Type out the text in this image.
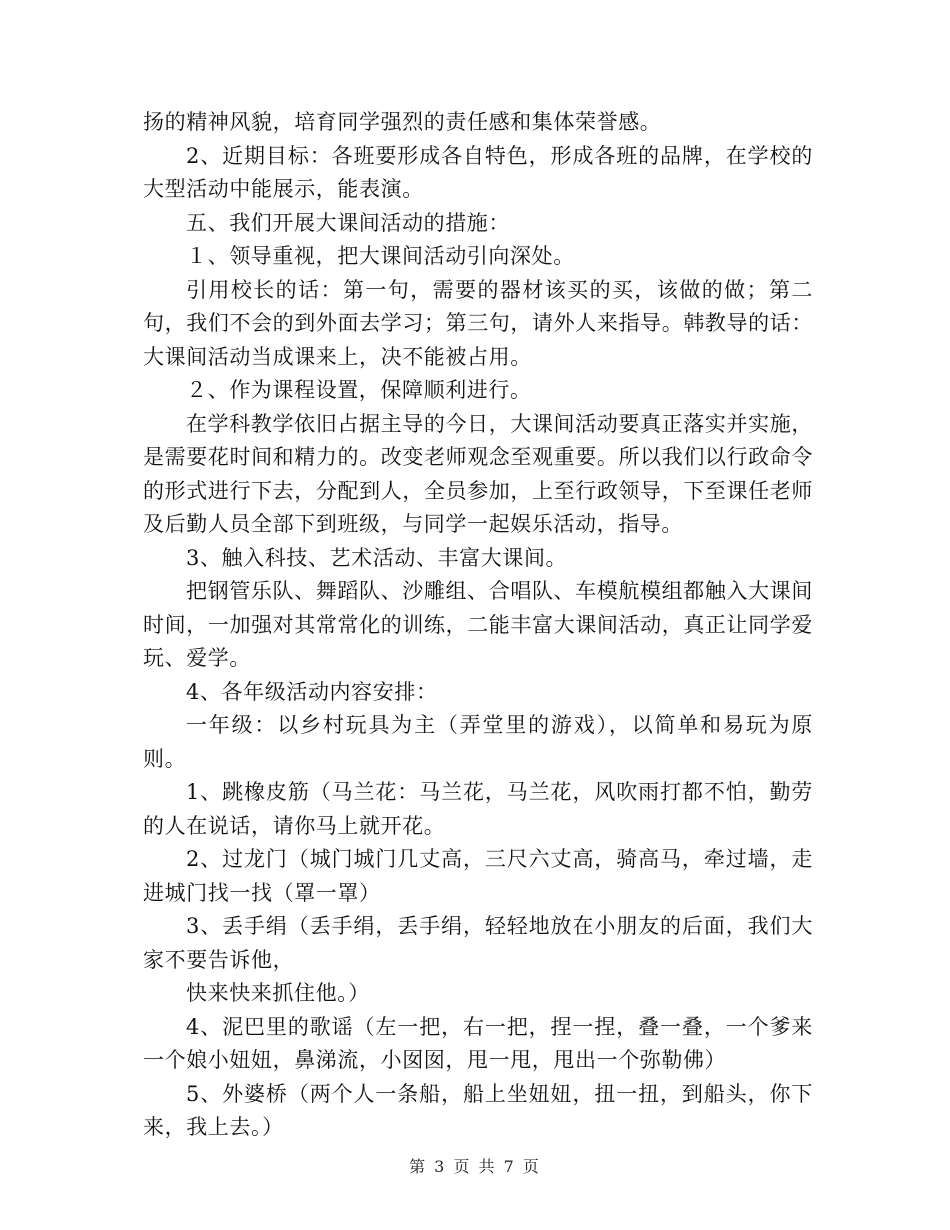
扬的精神风貌，培育同学强烈的责任感和集体荣誉感。

2、近期目标：各班要形成各自特色，形成各班的品牌，在学校的大型活动中能展示，能表演。

五、我们开展大课间活动的措施：

１、领导重视，把大课间活动引向深处。

引用校长的话：第一句，需要的器材该买的买，该做的做；第二句，我们不会的到外面去学习；第三句，请外人来指导。韩教导的话：大课间活动当成课来上，决不能被占用。

２、作为课程设置，保障顺利进行。

在学科教学依旧占据主导的今日，大课间活动要真正落实并实施，是需要花时间和精力的。改变老师观念至观重要。所以我们以行政命令的形式进行下去，分配到人，全员参加，上至行政领导，下至课任老师及后勤人员全部下到班级，与同学一起娱乐活动，指导。

3、触入科技、艺术活动、丰富大课间。

把钢管乐队、舞蹈队、沙雕组、合唱队、车模航模组都触入大课间时间，一加强对其常常化的训练，二能丰富大课间活动，真正让同学爱玩、爱学。

4、各年级活动内容安排：

一年级：以乡村玩具为主（弄堂里的游戏），以简单和易玩为原则。

1、跳橡皮筋（马兰花：马兰花，马兰花，风吹雨打都不怕，勤劳的人在说话，请你马上就开花。

2、过龙门（城门城门几丈高，三尺六丈高，骑高马，牵过墙，走进城门找一找（罩一罩）

3、丢手绢（丢手绢，丢手绢，轻轻地放在小朋友的后面，我们大家不要告诉他，

快来快来抓住他。）

4、泥巴里的歌谣（左一把，右一把，捏一捏，叠一叠，一个爹来一个娘小妞妞，鼻涕流，小囡囡，甩一甩，甩出一个弥勒佛）

5、外婆桥（两个人一条船，船上坐妞妞，扭一扭，到船头，你下来，我上去。）

第 3 页 共 7 页
